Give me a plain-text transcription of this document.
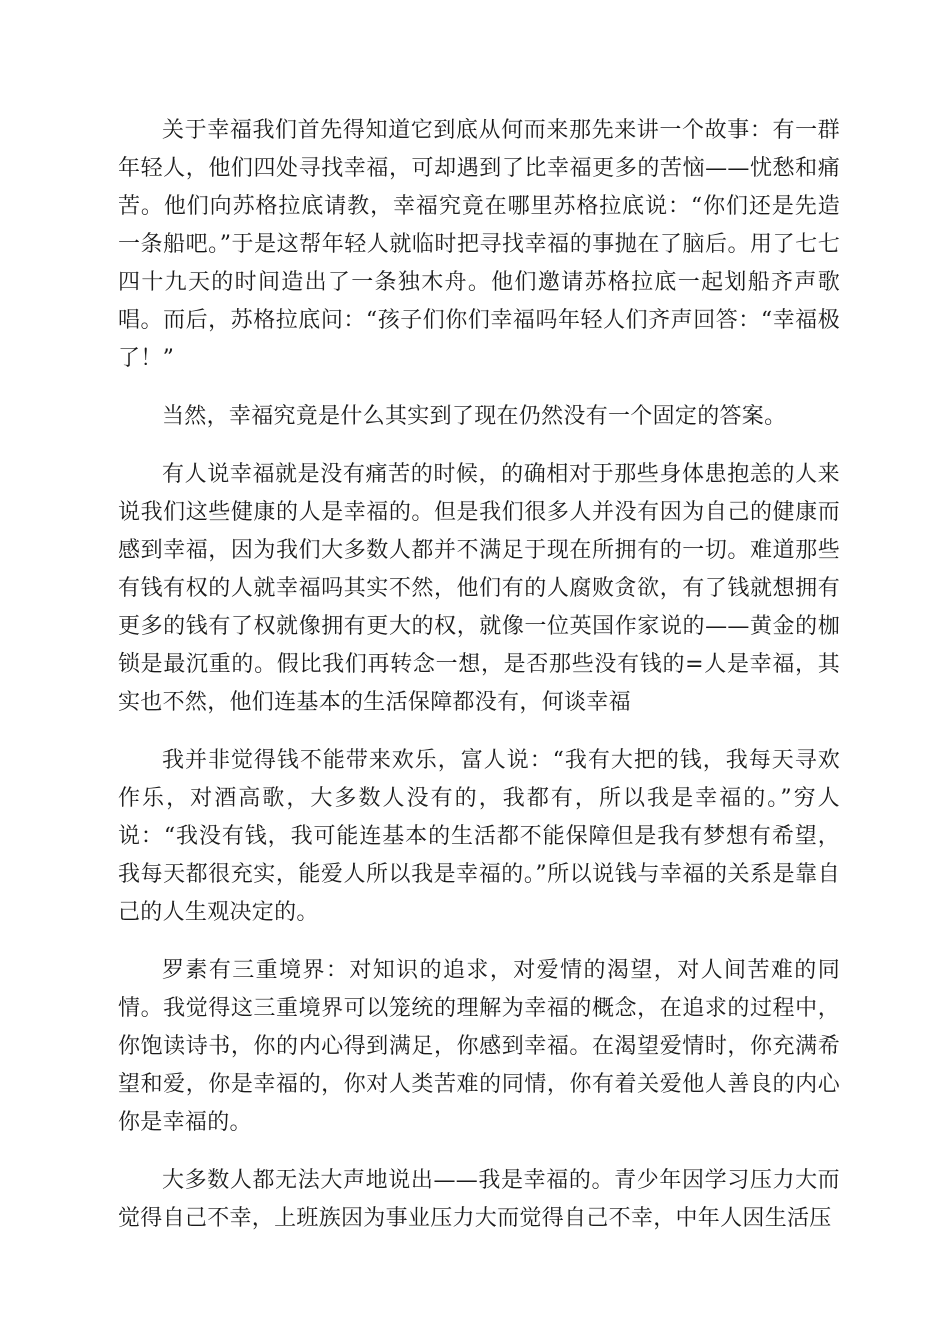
关于幸福我们首先得知道它到底从何而来那先来讲一个故事：有一群年轻人，他们四处寻找幸福，可却遇到了比幸福更多的苦恼——忧愁和痛苦。他们向苏格拉底请教，幸福究竟在哪里苏格拉底说：“你们还是先造一条船吧。”于是这帮年轻人就临时把寻找幸福的事抛在了脑后。用了七七四十九天的时间造出了一条独木舟。他们邀请苏格拉底一起划船齐声歌唱。而后，苏格拉底问：“孩子们你们幸福吗年轻人们齐声回答：“幸福极了！”

当然，幸福究竟是什么其实到了现在仍然没有一个固定的答案。

有人说幸福就是没有痛苦的时候，的确相对于那些身体患抱恙的人来说我们这些健康的人是幸福的。但是我们很多人并没有因为自己的健康而感到幸福，因为我们大多数人都并不满足于现在所拥有的一切。难道那些有钱有权的人就幸福吗其实不然，他们有的人腐败贪欲，有了钱就想拥有更多的钱有了权就像拥有更大的权，就像一位英国作家说的——黄金的枷锁是最沉重的。假比我们再转念一想，是否那些没有钱的=人是幸福，其实也不然，他们连基本的生活保障都没有，何谈幸福

我并非觉得钱不能带来欢乐，富人说：“我有大把的钱，我每天寻欢作乐，对酒高歌，大多数人没有的，我都有，所以我是幸福的。”穷人说：“我没有钱，我可能连基本的生活都不能保障但是我有梦想有希望，我每天都很充实，能爱人所以我是幸福的。”所以说钱与幸福的关系是靠自己的人生观决定的。

罗素有三重境界：对知识的追求，对爱情的渴望，对人间苦难的同情。我觉得这三重境界可以笼统的理解为幸福的概念，在追求的过程中，你饱读诗书，你的内心得到满足，你感到幸福。在渴望爱情时，你充满希望和爱，你是幸福的，你对人类苦难的同情，你有着关爱他人善良的内心你是幸福的。

大多数人都无法大声地说出——我是幸福的。青少年因学习压力大而觉得自己不幸，上班族因为事业压力大而觉得自己不幸，中年人因生活压
